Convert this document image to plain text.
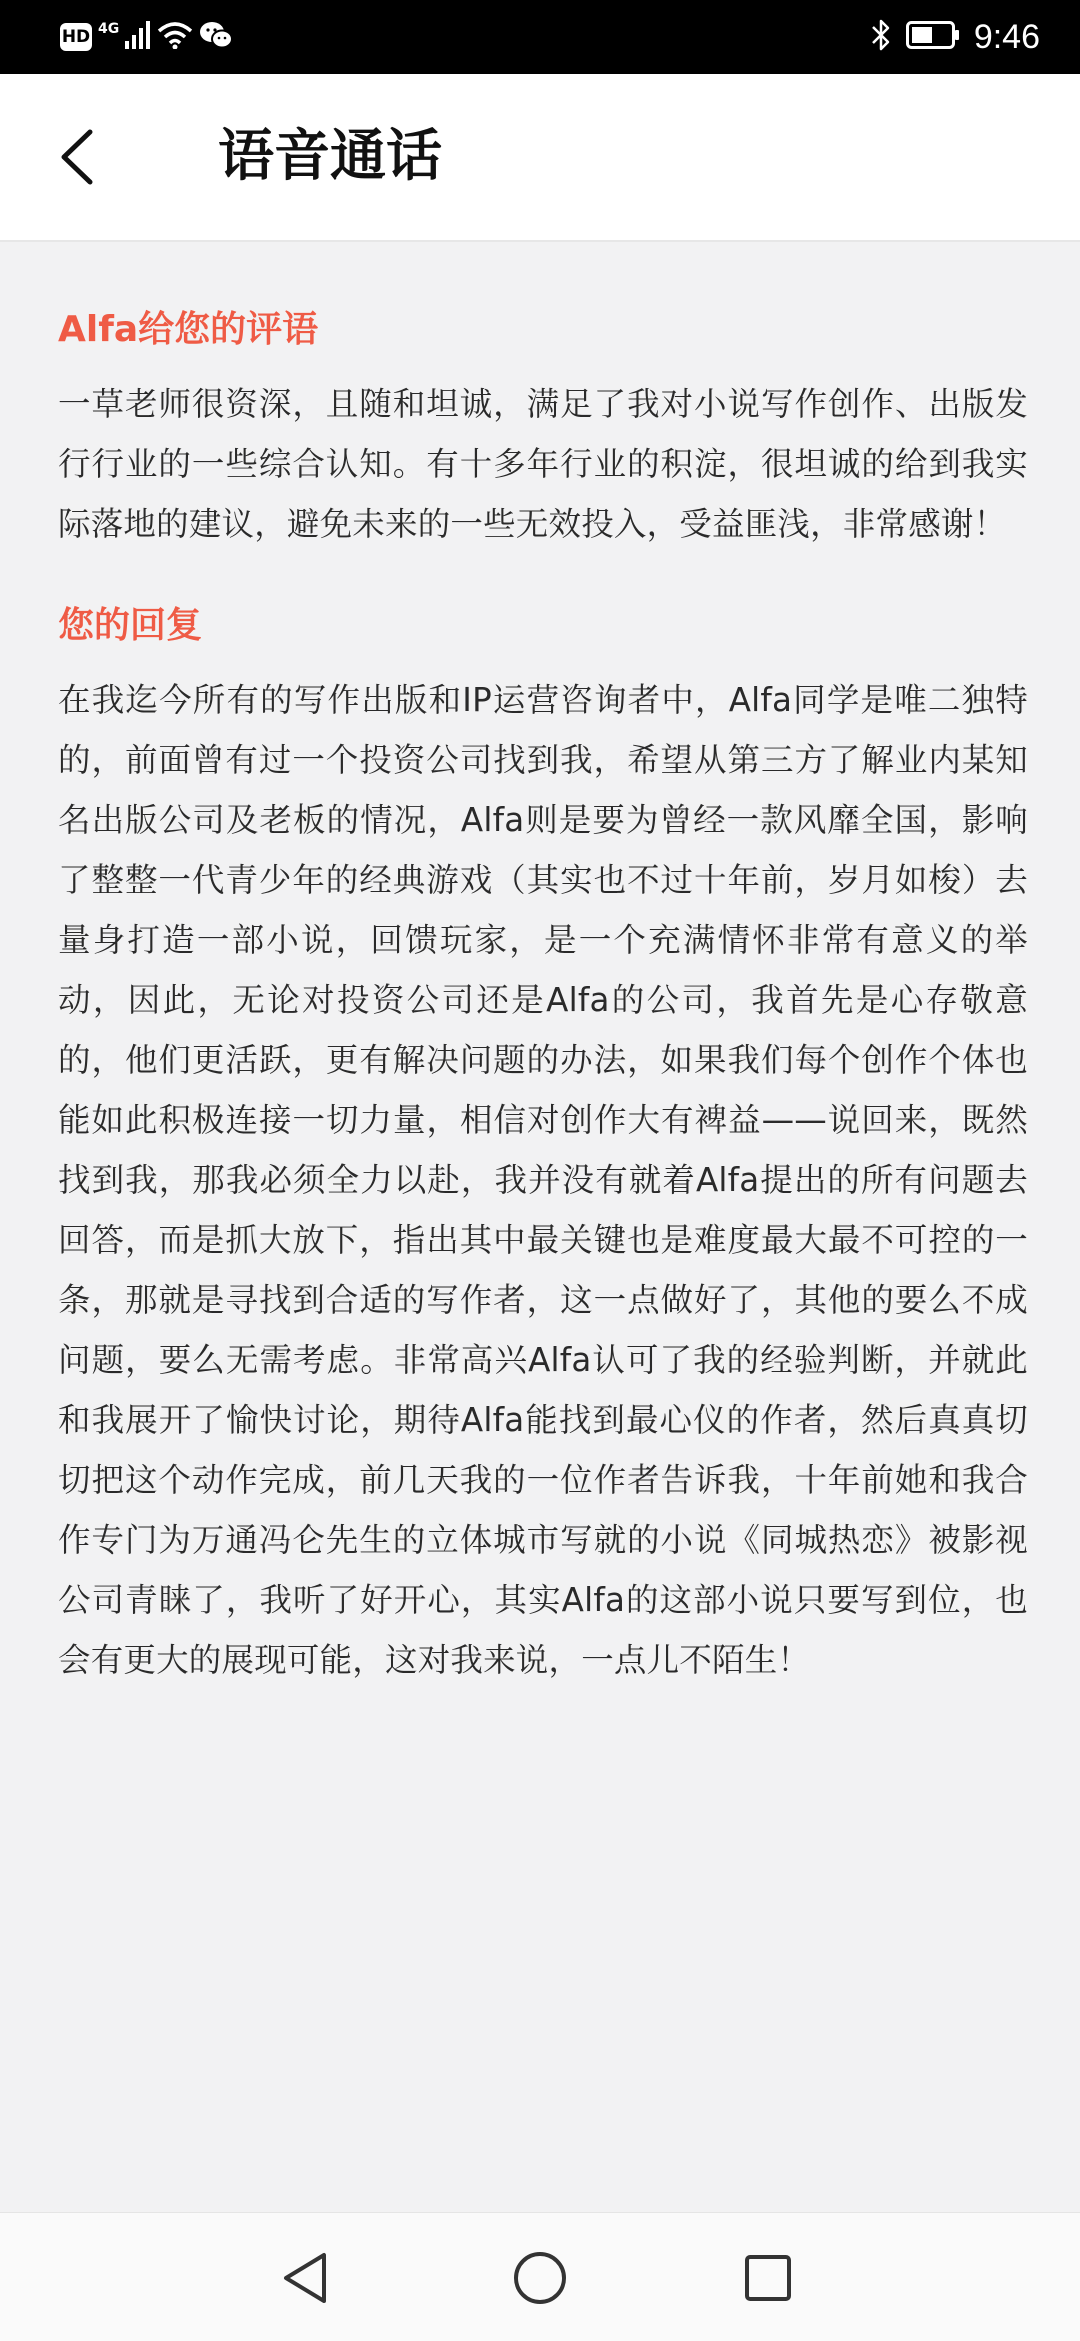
HD 4G	9:46
语音通话
Alfa给您的评语

一草老师很资深，且随和坦诚，满足了我对小说写作创作、出版发行行业的一些综合认知。有十多年行业的积淀，很坦诚的给到我实际落地的建议，避免未来的一些无效投入，受益匪浅，非常感谢！

您的回复

在我迄今所有的写作出版和IP运营咨询者中，Alfa同学是唯二独特的，前面曾有过一个投资公司找到我，希望从第三方了解业内某知名出版公司及老板的情况，Alfa则是要为曾经一款风靡全国，影响了整整一代青少年的经典游戏（其实也不过十年前，岁月如梭）去量身打造一部小说，回馈玩家，是一个充满情怀非常有意义的举动，因此，无论对投资公司还是Alfa的公司，我首先是心存敬意的，他们更活跃，更有解决问题的办法，如果我们每个创作个体也能如此积极连接一切力量，相信对创作大有裨益——说回来，既然找到我，那我必须全力以赴，我并没有就着Alfa提出的所有问题去回答，而是抓大放下，指出其中最关键也是难度最大最不可控的一条，那就是寻找到合适的写作者，这一点做好了，其他的要么不成问题，要么无需考虑。非常高兴Alfa认可了我的经验判断，并就此和我展开了愉快讨论，期待Alfa能找到最心仪的作者，然后真真切切把这个动作完成，前几天我的一位作者告诉我，十年前她和我合作专门为万通冯仑先生的立体城市写就的小说《同城热恋》被影视公司青睐了，我听了好开心，其实Alfa的这部小说只要写到位，也会有更大的展现可能，这对我来说，一点儿不陌生！
